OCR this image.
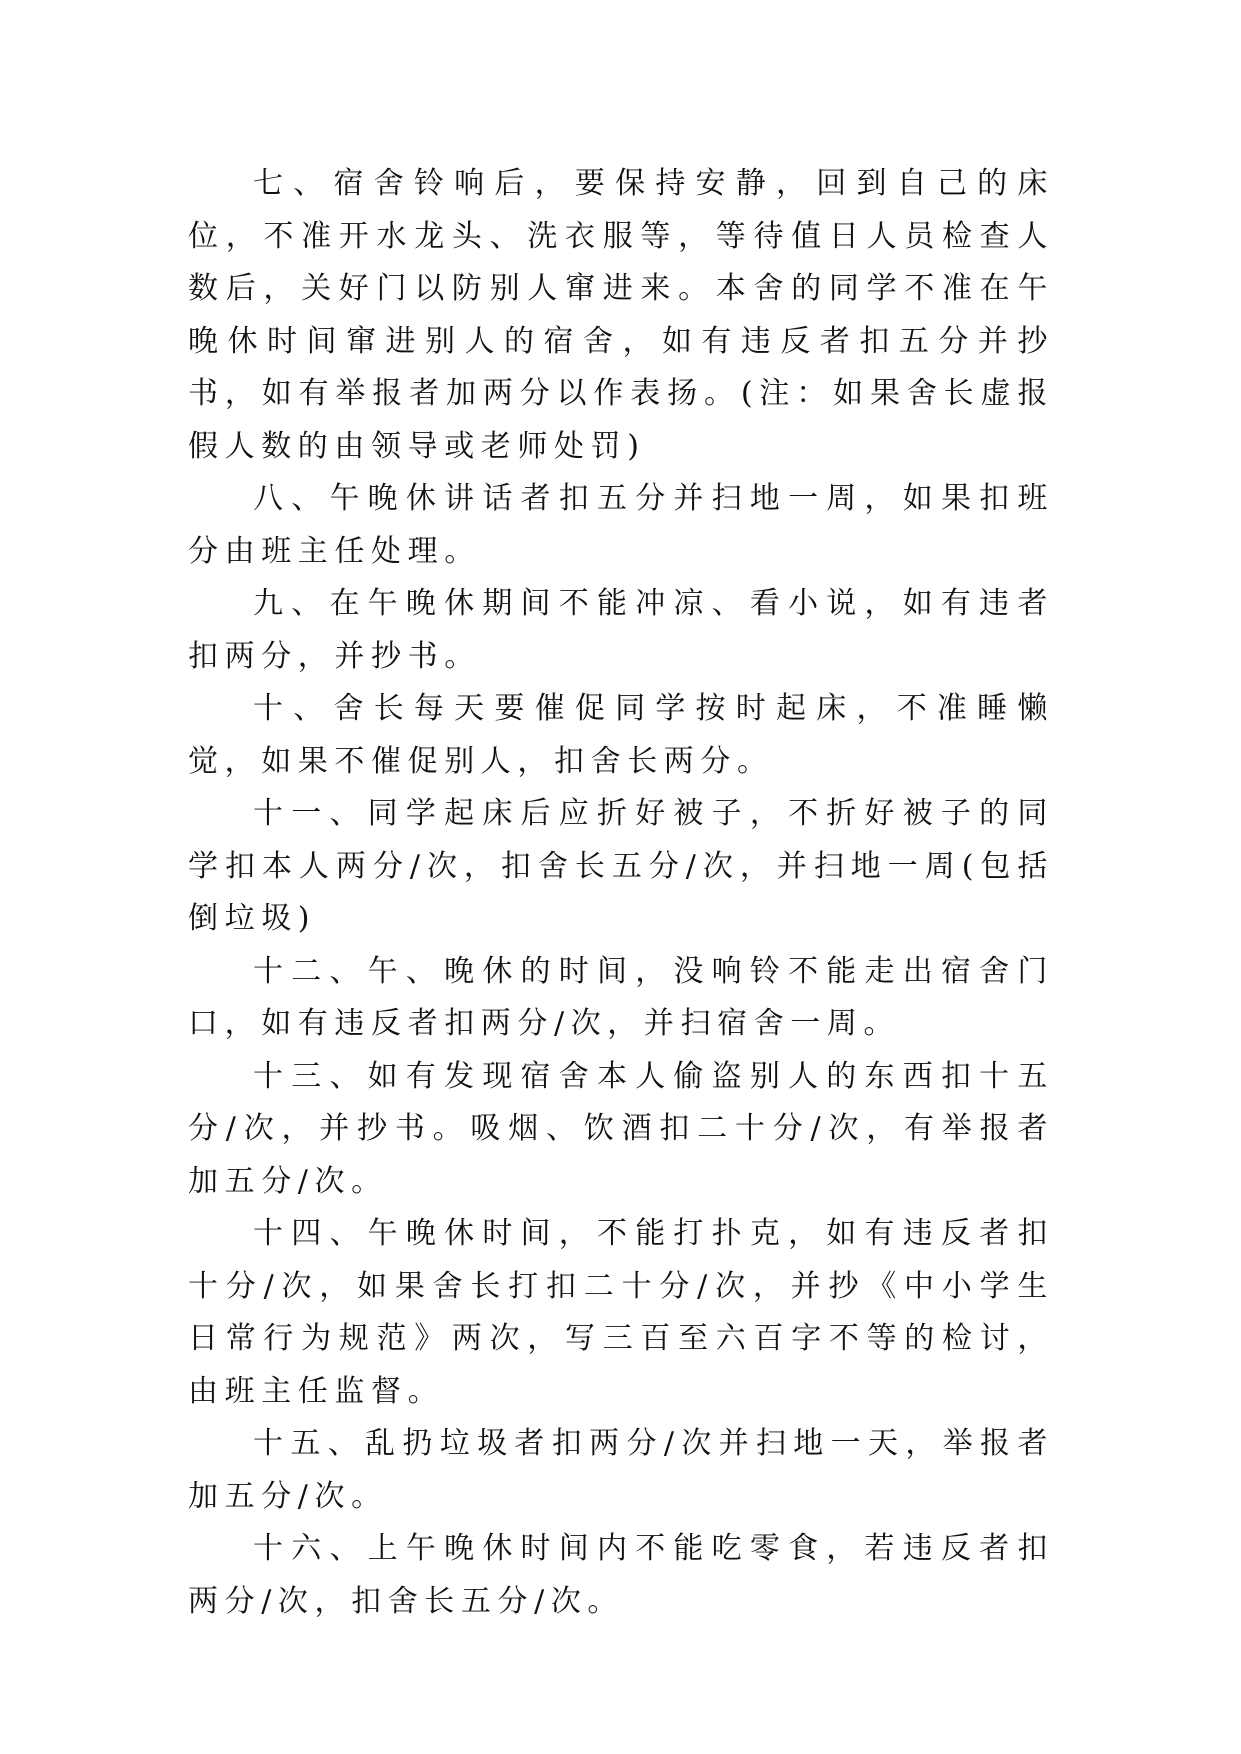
七、宿舍铃响后，要保持安静，回到自己的床位，不准开水龙头、洗衣服等，等待值日人员检查人数后，关好门以防别人窜进来。本舍的同学不准在午晚休时间窜进别人的宿舍，如有违反者扣五分并抄书，如有举报者加两分以作表扬。(注：如果舍长虚报假人数的由领导或老师处罚)

八、午晚休讲话者扣五分并扫地一周，如果扣班分由班主任处理。

九、在午晚休期间不能冲凉、看小说，如有违者扣两分，并抄书。

十、舍长每天要催促同学按时起床，不准睡懒觉，如果不催促别人，扣舍长两分。

十一、同学起床后应折好被子，不折好被子的同学扣本人两分/次，扣舍长五分/次，并扫地一周(包括倒垃圾)

十二、午、晚休的时间，没响铃不能走出宿舍门口，如有违反者扣两分/次，并扫宿舍一周。

十三、如有发现宿舍本人偷盗别人的东西扣十五分/次，并抄书。吸烟、饮酒扣二十分/次，有举报者加五分/次。

十四、午晚休时间，不能打扑克，如有违反者扣十分/次，如果舍长打扣二十分/次，并抄《中小学生日常行为规范》两次，写三百至六百字不等的检讨，由班主任监督。

十五、乱扔垃圾者扣两分/次并扫地一天，举报者加五分/次。

十六、上午晚休时间内不能吃零食，若违反者扣两分/次，扣舍长五分/次。
